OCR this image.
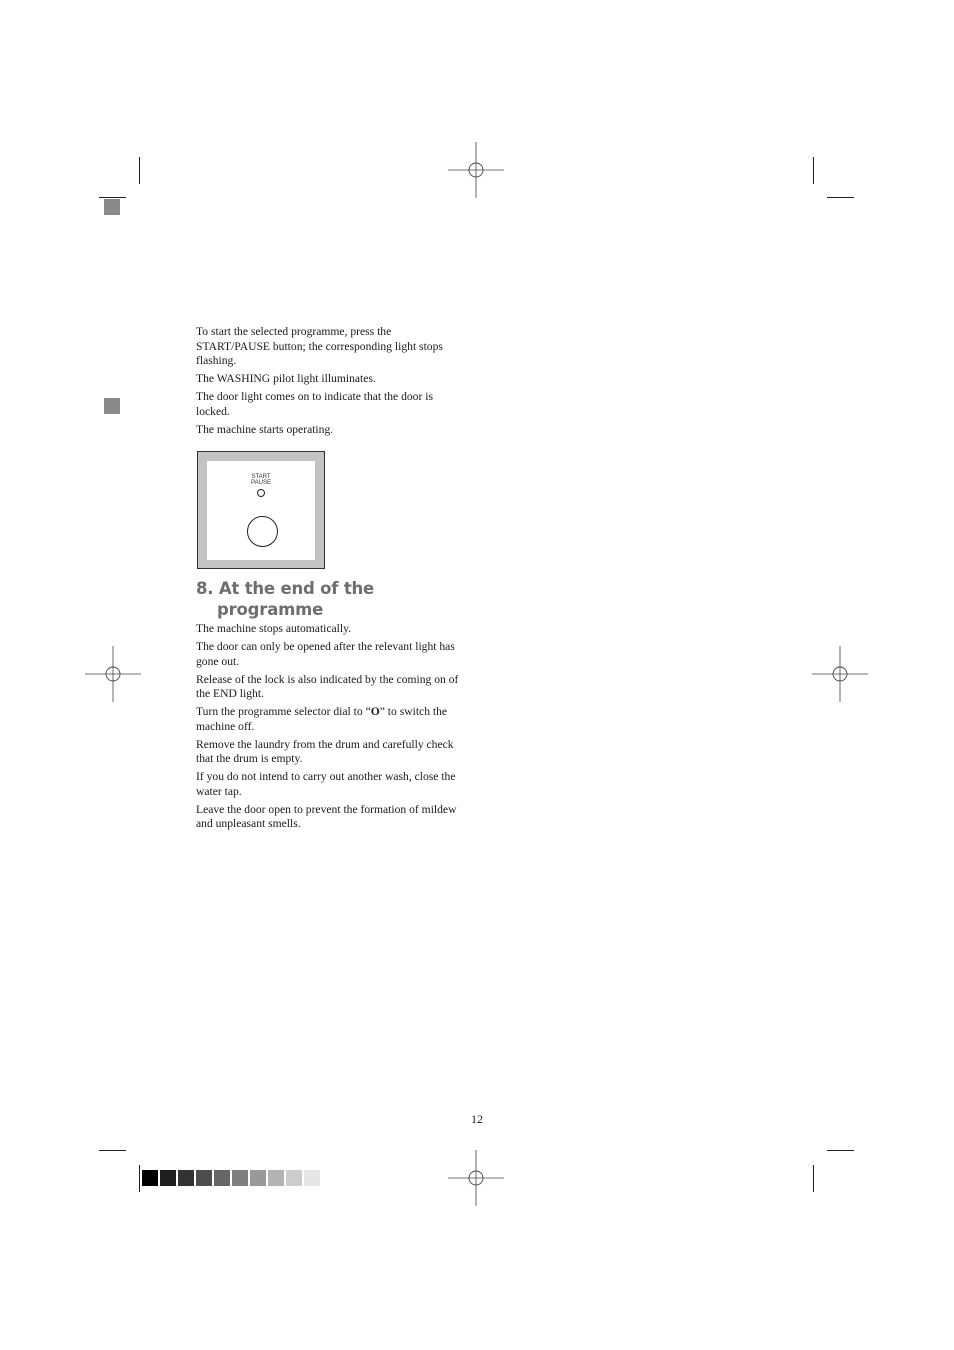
To start the selected programme, press the START/PAUSE button; the corresponding light stops flashing.

The WASHING pilot light illuminates.

The door light comes on to indicate that the door is locked.

The machine starts operating.

START
PAUSE
8. At the end of the
programme

The machine stops automatically.

The door can only be opened after the relevant light has gone out.

Release of the lock is also indicated by the coming on of the END light.

Turn the programme selector dial to “O” to switch the machine off.

Remove the laundry from the drum and carefully check that the drum is empty.

If you do not intend to carry out another wash, close the water tap.

Leave the door open to prevent the formation of mildew and unpleasant smells.

12
